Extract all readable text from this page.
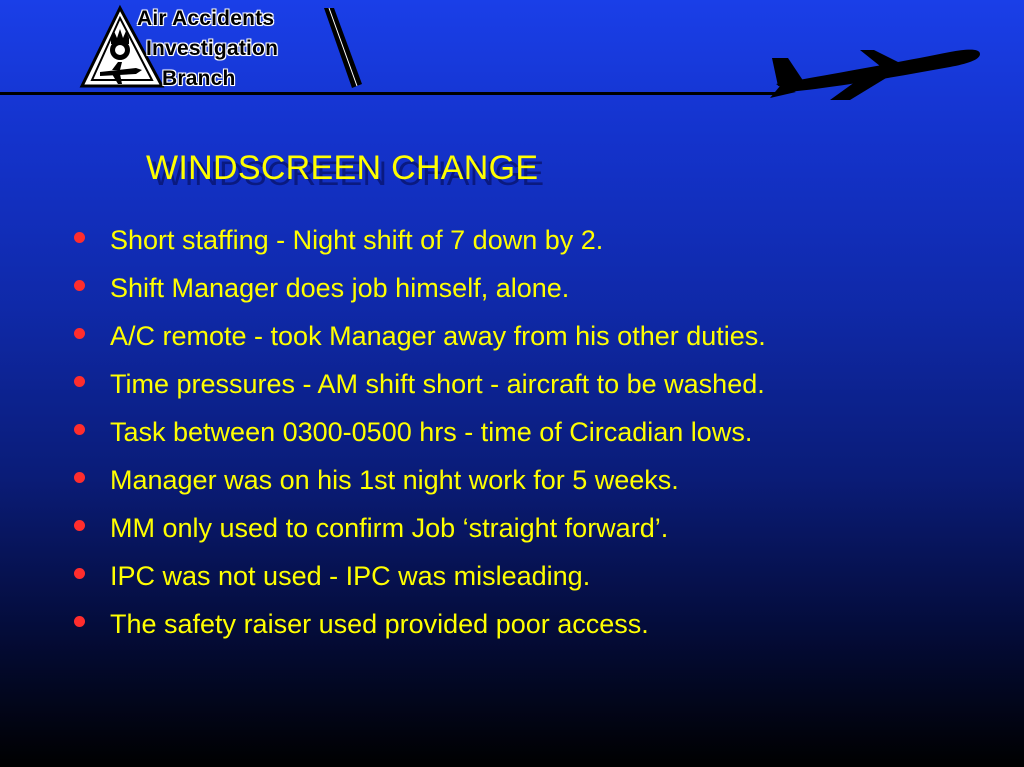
Air Accidents
Investigation
Branch
WINDSCREEN CHANGE
Short staffing - Night shift of 7 down by 2.
Shift Manager does job himself, alone.
A/C remote - took Manager away from his other duties.
Time pressures - AM shift short - aircraft to be washed.
Task between 0300-0500 hrs - time of Circadian lows.
Manager was on his 1st night work for 5 weeks.
MM only used to confirm Job ‘straight forward’.
IPC was not used - IPC was misleading.
The safety raiser used provided poor access.
